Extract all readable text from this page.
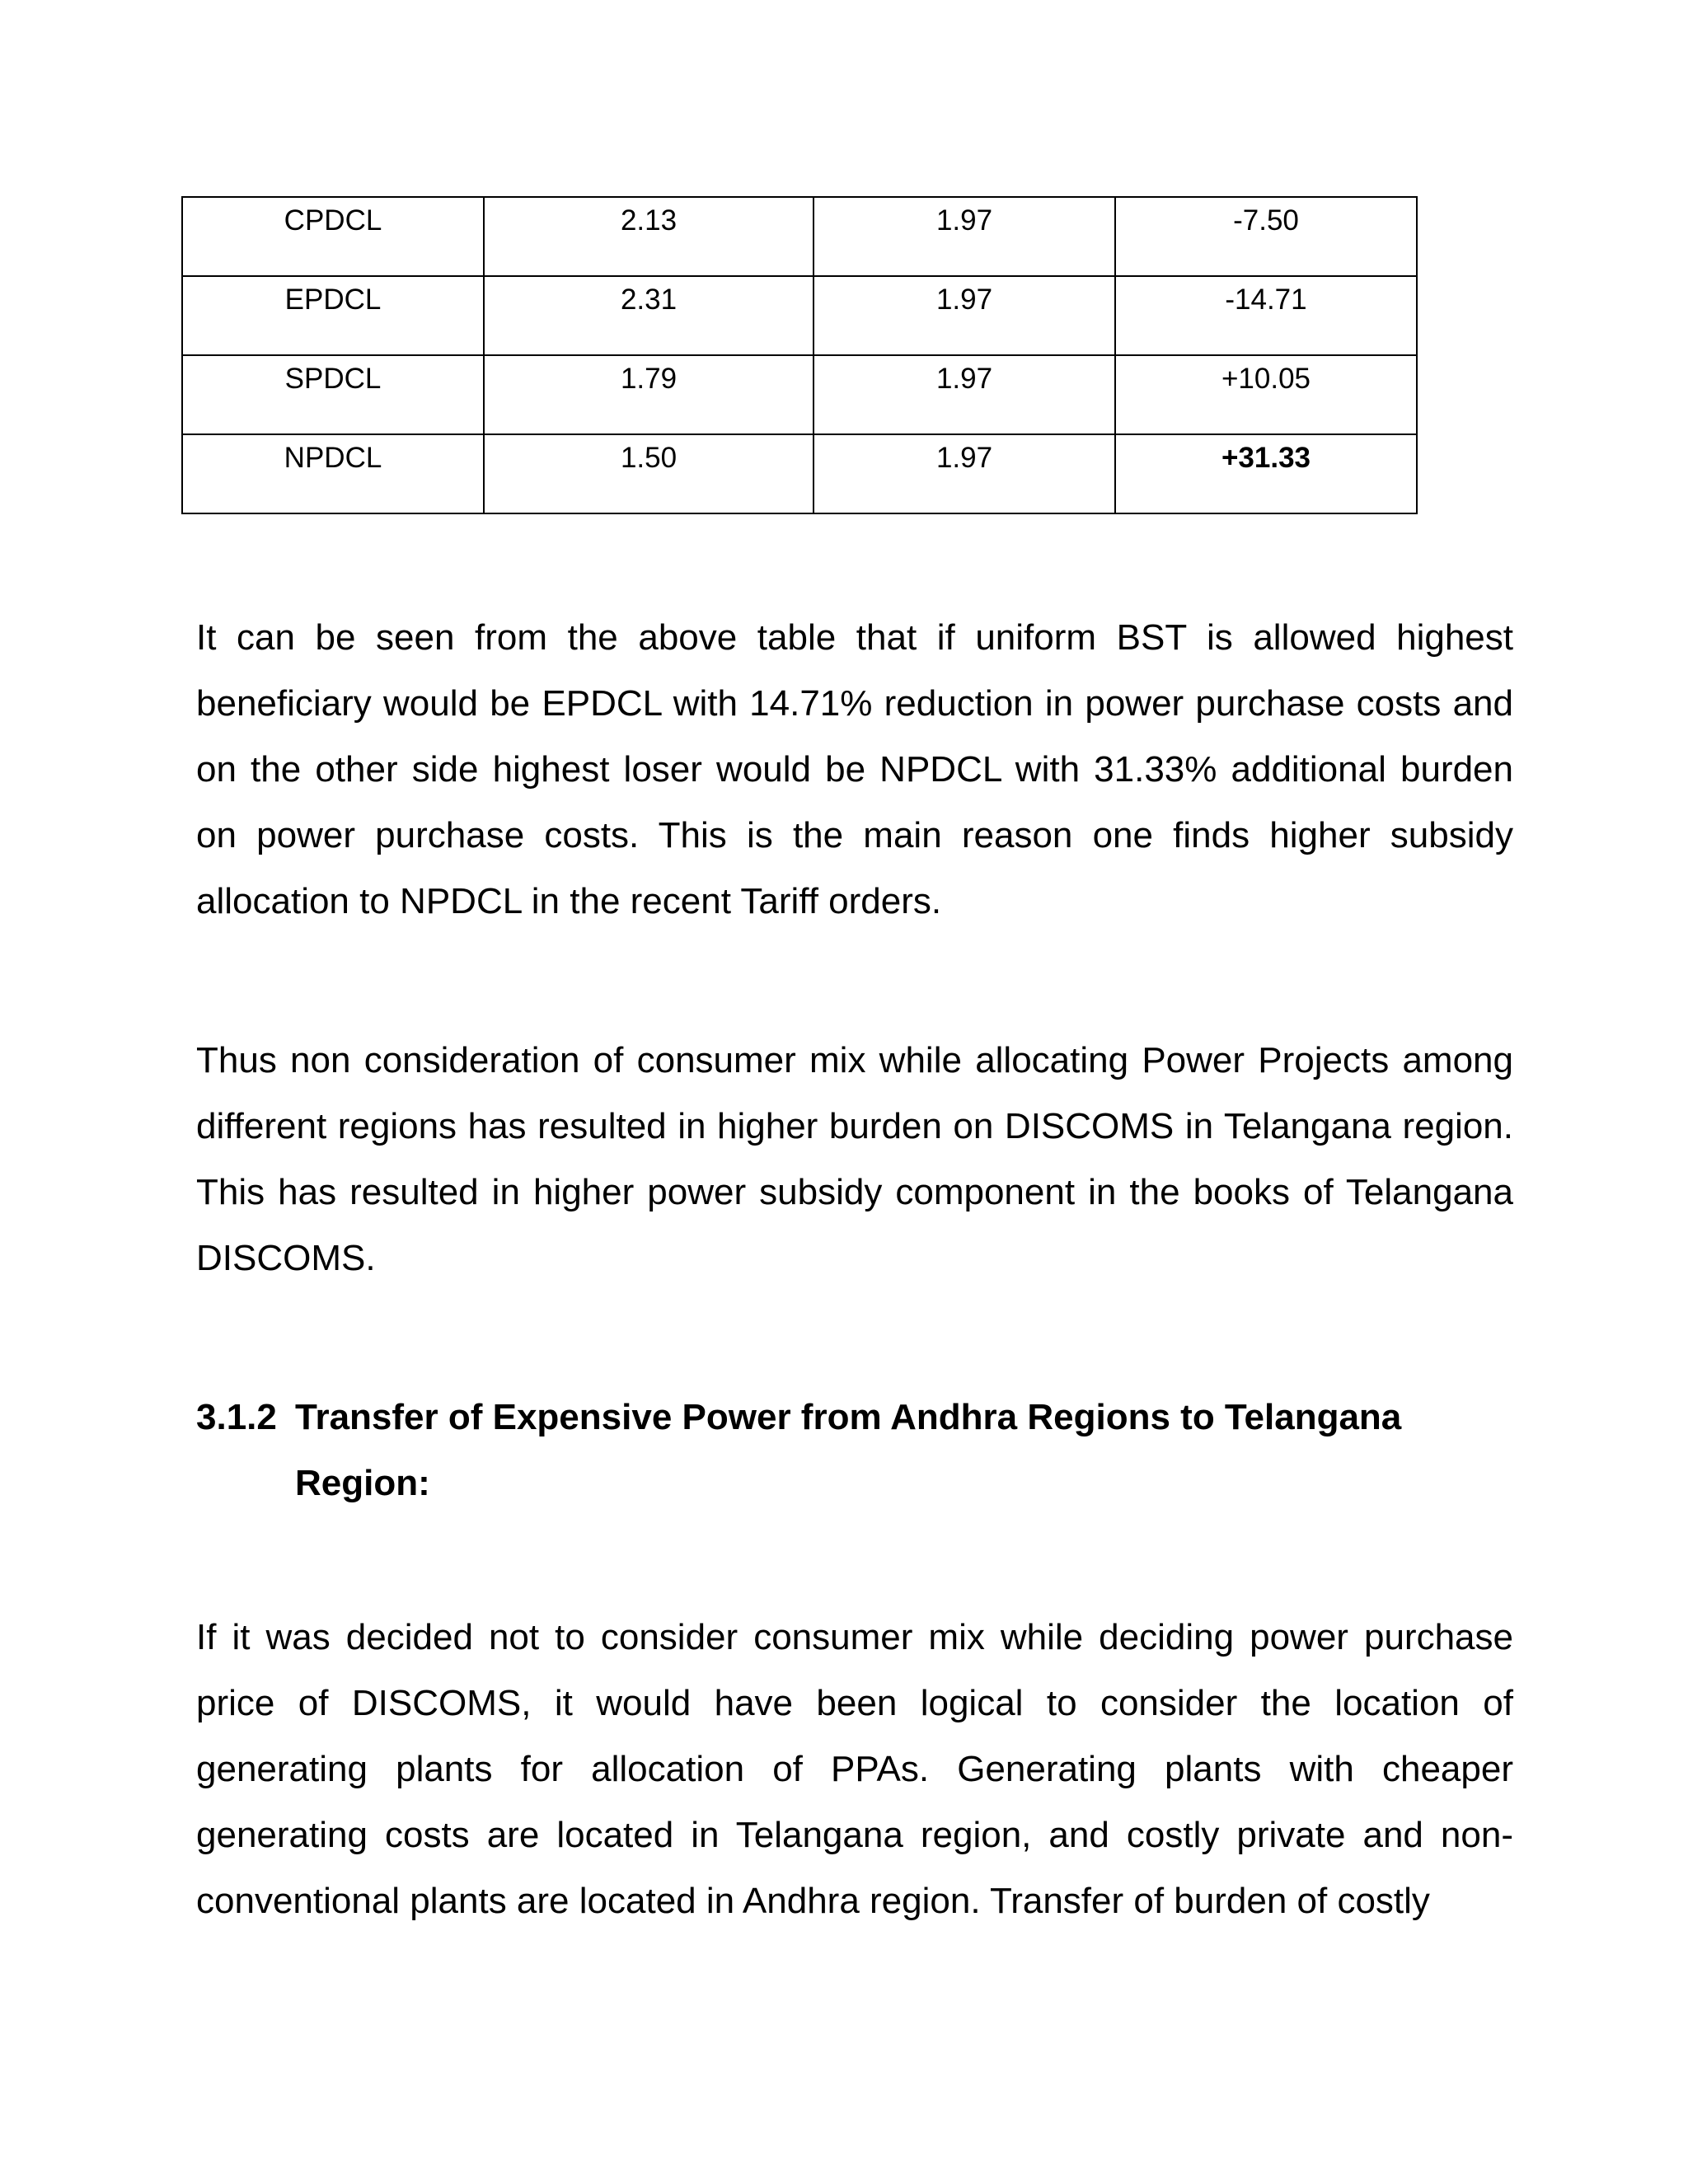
CPDCL	2.13	1.97	-7.50

EPDCL	2.31	1.97	-14.71

SPDCL	1.79	1.97	+10.05

NPDCL	1.50	1.97	+31.33

It can be seen from the above table that if uniform BST is allowed highest beneficiary would be EPDCL with 14.71% reduction in power purchase costs and on the other side highest loser would be NPDCL with 31.33% additional burden on power purchase costs. This is the main reason one finds higher subsidy allocation to NPDCL in the recent Tariff orders.

Thus non consideration of consumer mix while allocating Power Projects among different regions has resulted in higher burden on DISCOMS in Telangana region. This has resulted in higher power subsidy component in the books of Telangana DISCOMS.

3.1.2 Transfer of Expensive Power from Andhra Regions to Telangana
Region:

If it was decided not to consider consumer mix while deciding power purchase price of DISCOMS, it would have been logical to consider the location of generating plants for allocation of PPAs. Generating plants with cheaper generating costs are located in Telangana region, and costly private and non-conventional plants are located in Andhra region. Transfer of burden of costly
